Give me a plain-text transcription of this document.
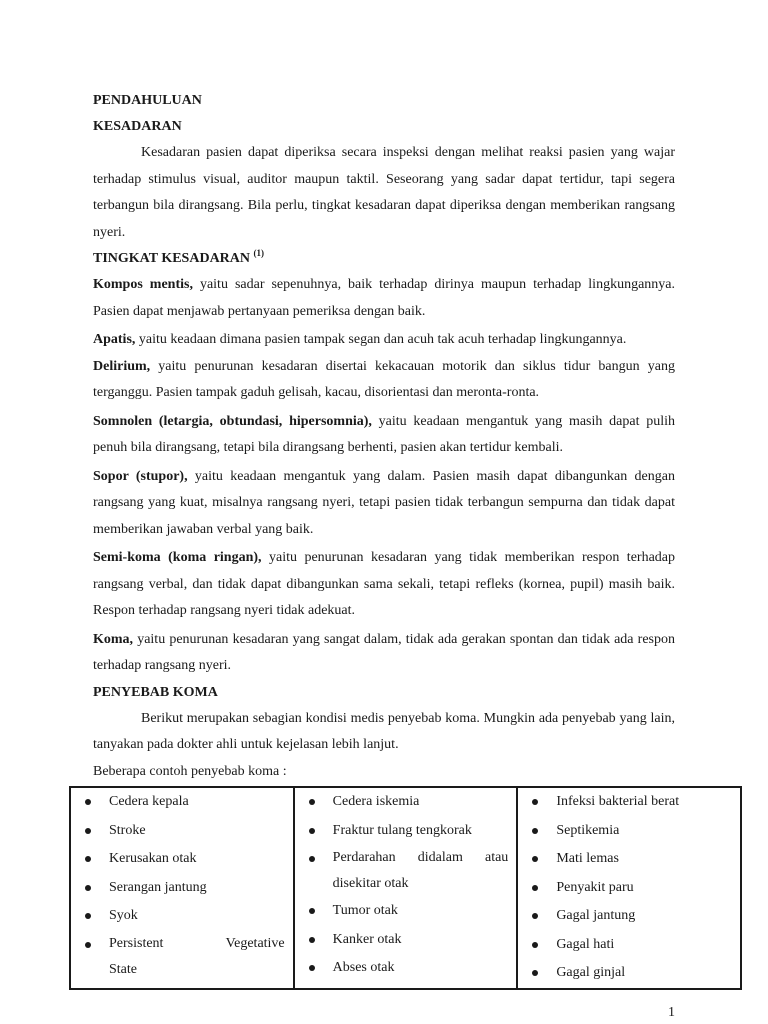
PENDAHULUAN
KESADARAN

Kesadaran pasien dapat diperiksa secara inspeksi dengan melihat reaksi pasien yang wajar terhadap stimulus visual, auditor maupun taktil. Seseorang yang sadar dapat tertidur, tapi segera terbangun bila dirangsang. Bila perlu, tingkat kesadaran dapat diperiksa dengan memberikan rangsang nyeri.

TINGKAT KESADARAN $^{(1)}$

Kompos mentis, yaitu sadar sepenuhnya, baik terhadap dirinya maupun terhadap lingkungannya. Pasien dapat menjawab pertanyaan pemeriksa dengan baik.

Apatis, yaitu keadaan dimana pasien tampak segan dan acuh tak acuh terhadap lingkungannya.

Delirium, yaitu penurunan kesadaran disertai kekacauan motorik dan siklus tidur bangun yang terganggu. Pasien tampak gaduh gelisah, kacau, disorientasi dan meronta-ronta.

Somnolen (letargia, obtundasi, hipersomnia), yaitu keadaan mengantuk yang masih dapat pulih penuh bila dirangsang, tetapi bila dirangsang berhenti, pasien akan tertidur kembali.

Sopor (stupor), yaitu keadaan mengantuk yang dalam. Pasien masih dapat dibangunkan dengan rangsang yang kuat, misalnya rangsang nyeri, tetapi pasien tidak terbangun sempurna dan tidak dapat memberikan jawaban verbal yang baik.

Semi-koma (koma ringan), yaitu penurunan kesadaran yang tidak memberikan respon terhadap rangsang verbal, dan tidak dapat dibangunkan sama sekali, tetapi refleks (kornea, pupil) masih baik. Respon terhadap rangsang nyeri tidak adekuat.

Koma, yaitu penurunan kesadaran yang sangat dalam, tidak ada gerakan spontan dan tidak ada respon terhadap rangsang nyeri.

PENYEBAB KOMA

Berikut merupakan sebagian kondisi medis penyebab koma. Mungkin ada penyebab yang lain, tanyakan pada dokter ahli untuk kejelasan lebih lanjut.

Beberapa contoh penyebab koma :

Cedera kepala
Stroke
Kerusakan otak
Serangan jantung
Syok
Persistent Vegetative
State

Cedera iskemia
Fraktur tulang tengkorak
Perdarahan didalam atau
disekitar otak
Tumor otak
Kanker otak
Abses otak

Infeksi bakterial berat
Septikemia
Mati lemas
Penyakit paru
Gagal jantung
Gagal hati
Gagal ginjal
1
